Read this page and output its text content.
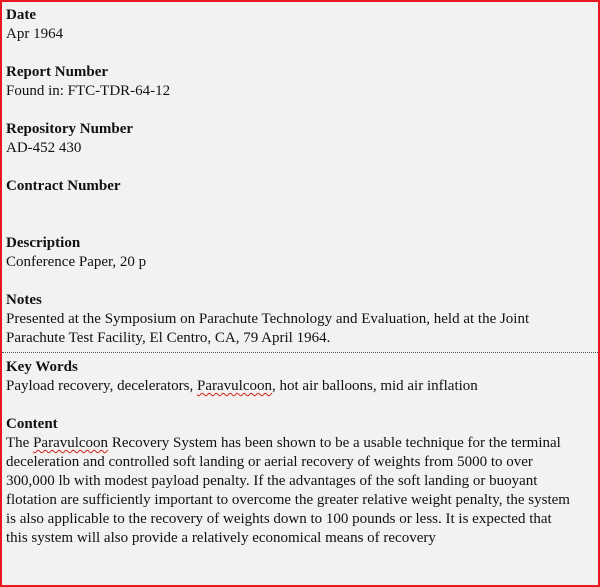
Date
Apr 1964
Report Number
Found in: FTC-TDR-64-12
Repository Number
AD-452 430
Contract Number
Description
Conference Paper, 20 p
Notes
Presented at the Symposium on Parachute Technology and Evaluation, held at the Joint
Parachute Test Facility, El Centro, CA, 79 April 1964.
Key Words
Payload recovery, decelerators, Paravulcoon, hot air balloons, mid air inflation
Content
The Paravulcoon Recovery System has been shown to be a usable technique for the terminal deceleration and controlled soft landing or aerial recovery of weights from 5000 to over 300,000 lb with modest payload penalty. If the advantages of the soft landing or buoyant flotation are sufficiently important to overcome the greater relative weight penalty, the system is also applicable to the recovery of weights down to 100 pounds or less. It is expected that this system will also provide a relatively economical means of recovery
